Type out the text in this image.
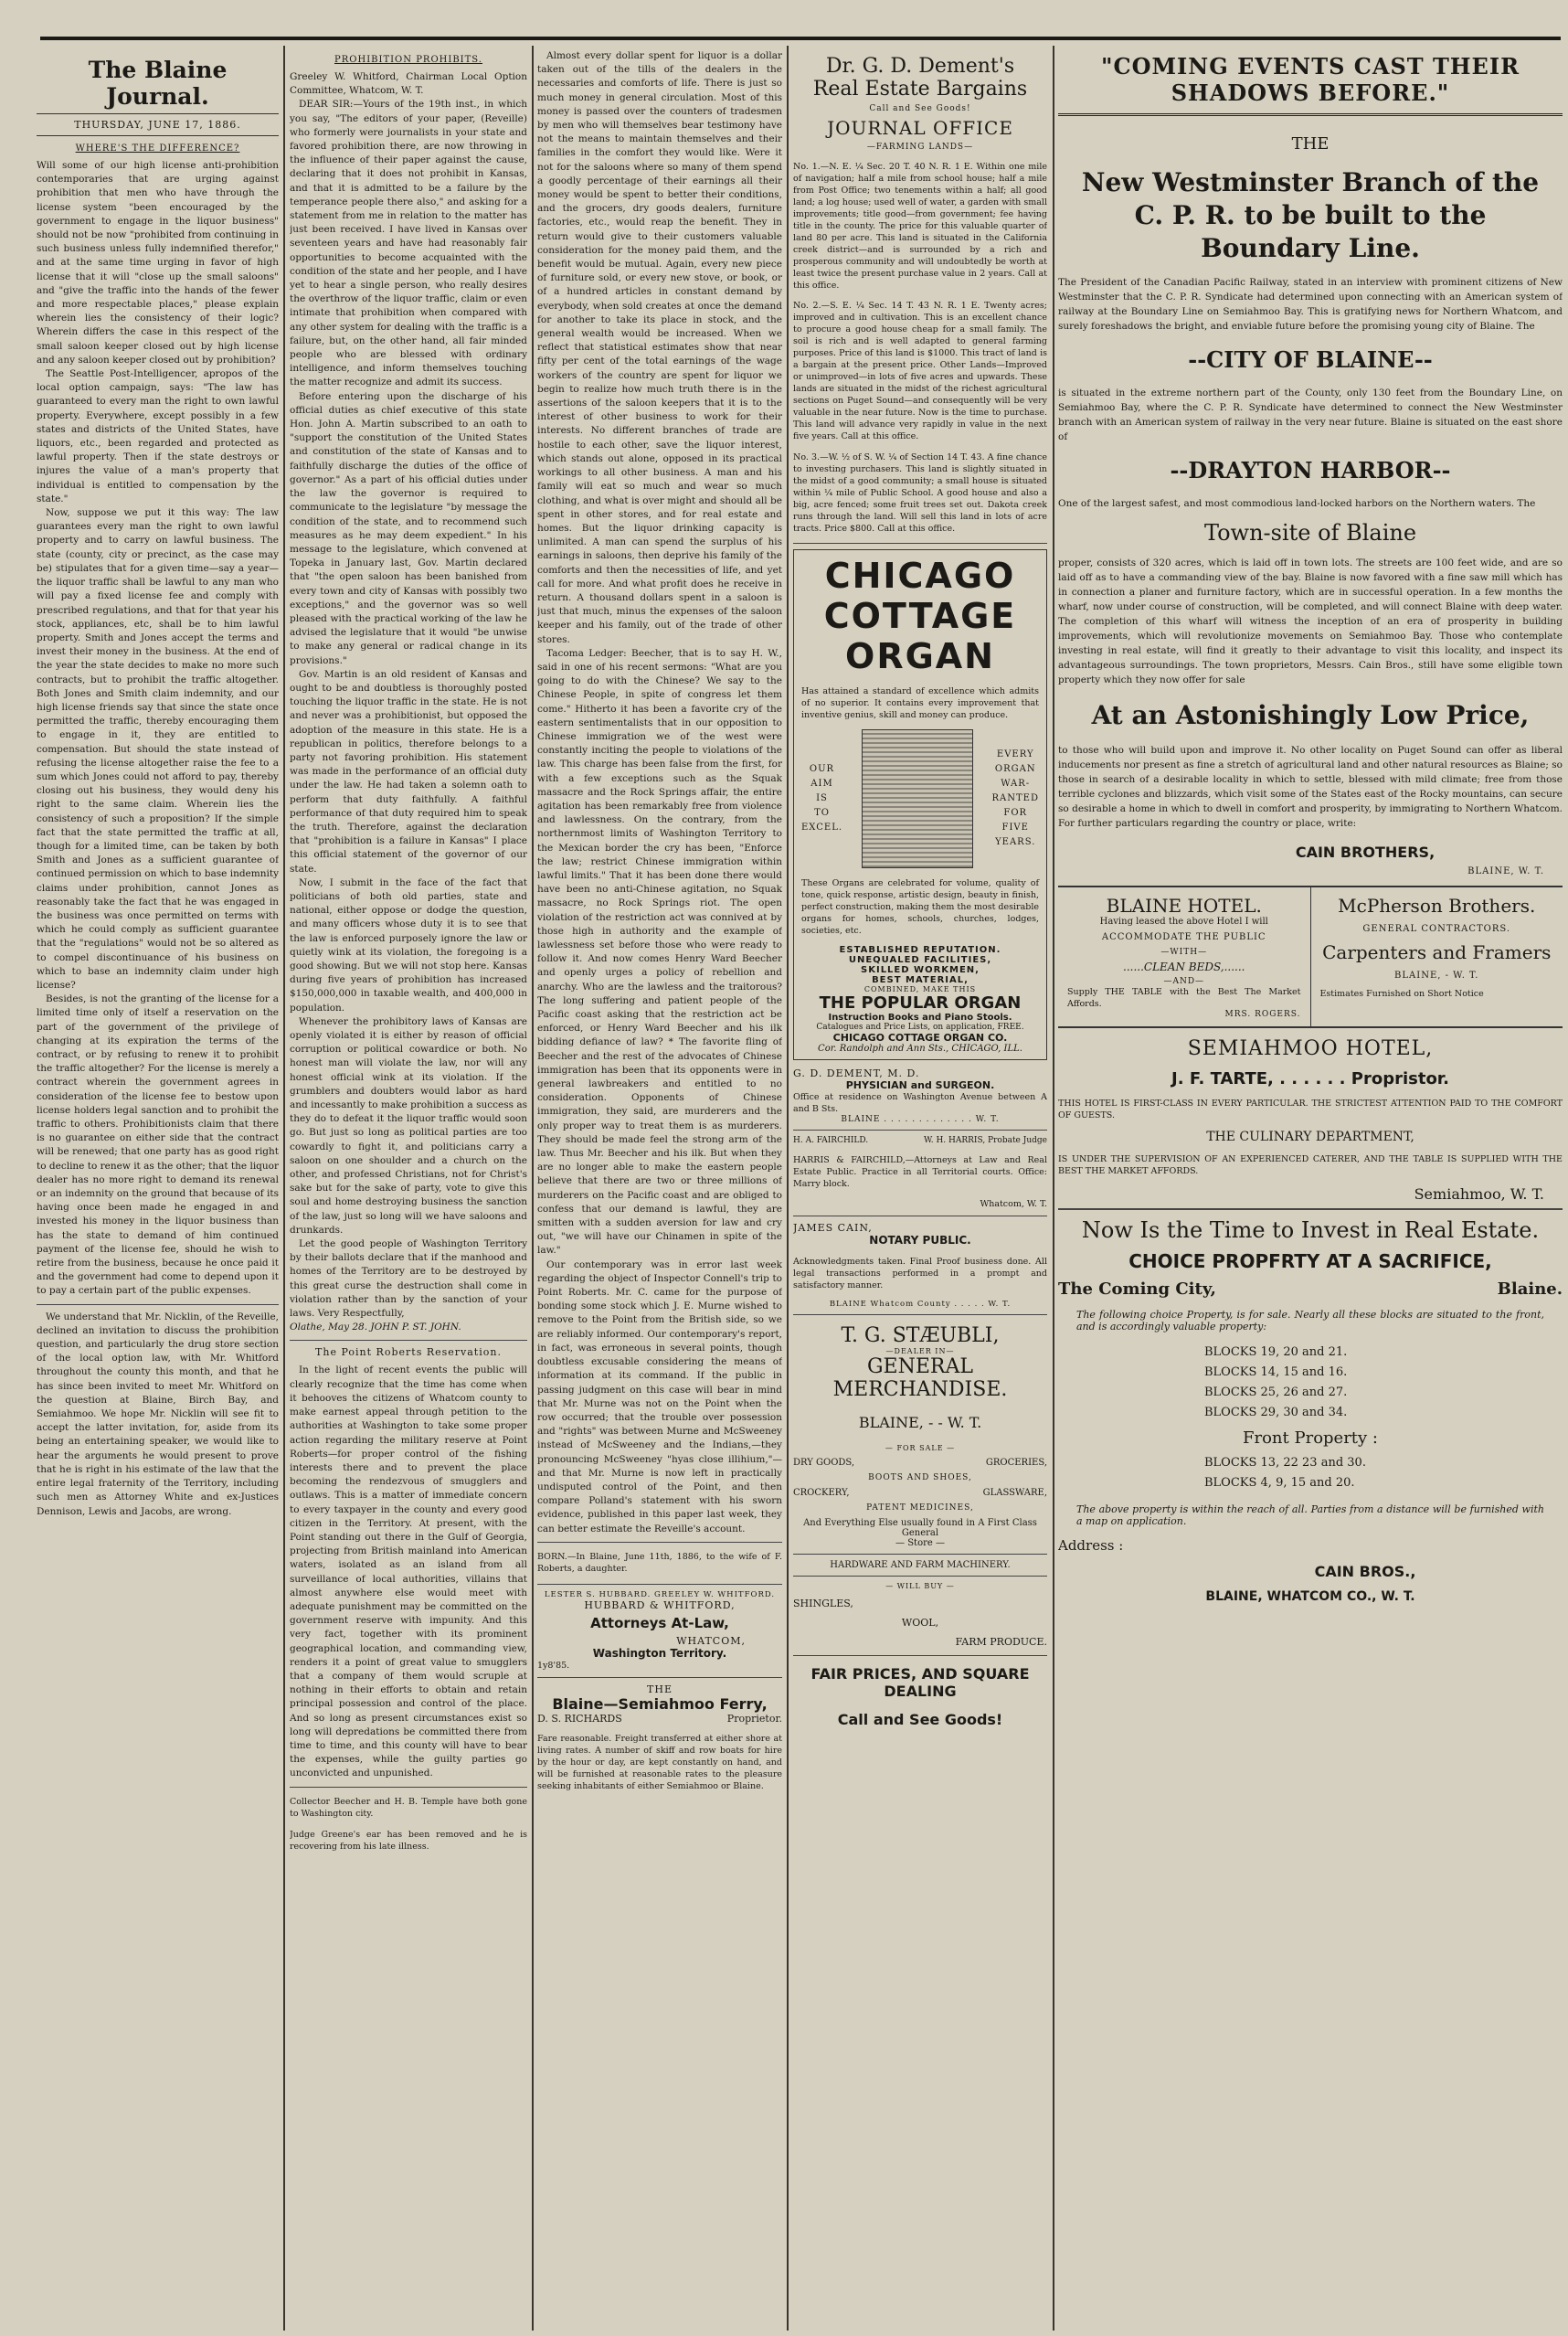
The Blaine Journal.
THURSDAY, JUNE 17, 1886.
WHERE'S THE DIFFERENCE?

Will some of our high license anti-prohibition contemporaries that are urging against prohibition that men who have through the license system "been encouraged by the government to engage in the liquor business" should not be now "prohibited from continuing in such business unless fully indemnified therefor," and at the same time urging in favor of high license that it will "close up the small saloons" and "give the traffic into the hands of the fewer and more respectable places," please explain wherein lies the consistency of their logic? Wherein differs the case in this respect of the small saloon keeper closed out by high license and any saloon keeper closed out by prohibition?

The Seattle Post-Intelligencer, apropos of the local option campaign, says: "The law has guaranteed to every man the right to own lawful property. Everywhere, except possibly in a few states and districts of the United States, have liquors, etc., been regarded and protected as lawful property. Then if the state destroys or injures the value of a man's property that individual is entitled to compensation by the state."

Now, suppose we put it this way: The law guarantees every man the right to own lawful property and to carry on lawful business. The state (county, city or precinct, as the case may be) stipulates that for a given time—say a year—the liquor traffic shall be lawful to any man who will pay a fixed license fee and comply with prescribed regulations, and that for that year his stock, appliances, etc, shall be to him lawful property. Smith and Jones accept the terms and invest their money in the business. At the end of the year the state decides to make no more such contracts, but to prohibit the traffic altogether. Both Jones and Smith claim indemnity, and our high license friends say that since the state once permitted the traffic, thereby encouraging them to engage in it, they are entitled to compensation. But should the state instead of refusing the license altogether raise the fee to a sum which Jones could not afford to pay, thereby closing out his business, they would deny his right to the same claim. Wherein lies the consistency of such a proposition? If the simple fact that the state permitted the traffic at all, though for a limited time, can be taken by both Smith and Jones as a sufficient guarantee of continued permission on which to base indemnity claims under prohibition, cannot Jones as reasonably take the fact that he was engaged in the business was once permitted on terms with which he could comply as sufficient guarantee that the "regulations" would not be so altered as to compel discontinuance of his business on which to base an indemnity claim under high license?

Besides, is not the granting of the license for a limited time only of itself a reservation on the part of the government of the privilege of changing at its expiration the terms of the contract, or by refusing to renew it to prohibit the traffic altogether? For the license is merely a contract wherein the government agrees in consideration of the license fee to bestow upon license holders legal sanction and to prohibit the traffic to others. Prohibitionists claim that there is no guarantee on either side that the contract will be renewed; that one party has as good right to decline to renew it as the other; that the liquor dealer has no more right to demand its renewal or an indemnity on the ground that because of its having once been made he engaged in and invested his money in the liquor business than has the state to demand of him continued payment of the license fee, should he wish to retire from the business, because he once paid it and the government had come to depend upon it to pay a certain part of the public expenses.

We understand that Mr. Nicklin, of the Reveille, declined an invitation to discuss the prohibition question, and particularly the drug store section of the local option law, with Mr. Whitford throughout the county this month, and that he has since been invited to meet Mr. Whitford on the question at Blaine, Birch Bay, and Semiahmoo. We hope Mr. Nicklin will see fit to accept the latter invitation, for, aside from its being an entertaining speaker, we would like to hear the arguments he would present to prove that he is right in his estimate of the law that the entire legal fraternity of the Territory, including such men as Attorney White and ex-Justices Dennison, Lewis and Jacobs, are wrong.

PROHIBITION PROHIBITS.

Greeley W. Whitford, Chairman Local Option Committee, Whatcom, W. T.

DEAR SIR:—Yours of the 19th inst., in which you say, "The editors of your paper, (Reveille) who formerly were journalists in your state and favored prohibition there, are now throwing in the influence of their paper against the cause, declaring that it does not prohibit in Kansas, and that it is admitted to be a failure by the temperance people there also," and asking for a statement from me in relation to the matter has just been received. I have lived in Kansas over seventeen years and have had reasonably fair opportunities to become acquainted with the condition of the state and her people, and I have yet to hear a single person, who really desires the overthrow of the liquor traffic, claim or even intimate that prohibition when compared with any other system for dealing with the traffic is a failure, but, on the other hand, all fair minded people who are blessed with ordinary intelligence, and inform themselves touching the matter recognize and admit its success.

Before entering upon the discharge of his official duties as chief executive of this state Hon. John A. Martin subscribed to an oath to "support the constitution of the United States and constitution of the state of Kansas and to faithfully discharge the duties of the office of governor." As a part of his official duties under the law the governor is required to communicate to the legislature "by message the condition of the state, and to recommend such measures as he may deem expedient." In his message to the legislature, which convened at Topeka in January last, Gov. Martin declared that "the open saloon has been banished from every town and city of Kansas with possibly two exceptions," and the governor was so well pleased with the practical working of the law he advised the legislature that it would "be unwise to make any general or radical change in its provisions."

Gov. Martin is an old resident of Kansas and ought to be and doubtless is thoroughly posted touching the liquor traffic in the state. He is not and never was a prohibitionist, but opposed the adoption of the measure in this state. He is a republican in politics, therefore belongs to a party not favoring prohibition. His statement was made in the performance of an official duty under the law. He had taken a solemn oath to perform that duty faithfully. A faithful performance of that duty required him to speak the truth. Therefore, against the declaration that "prohibition is a failure in Kansas" I place this official statement of the governor of our state.

Now, I submit in the face of the fact that politicians of both old parties, state and national, either oppose or dodge the question, and many officers whose duty it is to see that the law is enforced purposely ignore the law or quietly wink at its violation, the foregoing is a good showing. But we will not stop here. Kansas during five years of prohibition has increased $150,000,000 in taxable wealth, and 400,000 in population.

Whenever the prohibitory laws of Kansas are openly violated it is either by reason of official corruption or political cowardice or both. No honest man will violate the law, nor will any honest official wink at its violation. If the grumblers and doubters would labor as hard and incessantly to make prohibition a success as they do to defeat it the liquor traffic would soon go. But just so long as political parties are too cowardly to fight it, and politicians carry a saloon on one shoulder and a church on the other, and professed Christians, not for Christ's sake but for the sake of party, vote to give this soul and home destroying business the sanction of the law, just so long will we have saloons and drunkards.

Let the good people of Washington Territory by their ballots declare that if the manhood and homes of the Territory are to be destroyed by this great curse the destruction shall come in violation rather than by the sanction of your laws. Very Respectfully,

Olathe, May 28. JOHN P. ST. JOHN.

The Point Roberts Reservation.

In the light of recent events the public will clearly recognize that the time has come when it behooves the citizens of Whatcom county to make earnest appeal through petition to the authorities at Washington to take some proper action regarding the military reserve at Point Roberts—for proper control of the fishing interests there and to prevent the place becoming the rendezvous of smugglers and outlaws. This is a matter of immediate concern to every taxpayer in the county and every good citizen in the Territory. At present, with the Point standing out there in the Gulf of Georgia, projecting from British mainland into American waters, isolated as an island from all surveillance of local authorities, villains that almost anywhere else would meet with adequate punishment may be committed on the government reserve with impunity. And this very fact, together with its prominent geographical location, and commanding view, renders it a point of great value to smugglers that a company of them would scruple at nothing in their efforts to obtain and retain principal possession and control of the place. And so long as present circumstances exist so long will depredations be committed there from time to time, and this county will have to bear the expenses, while the guilty parties go unconvicted and unpunished.

Collector Beecher and H. B. Temple have both gone to Washington city.

Judge Greene's ear has been removed and he is recovering from his late illness.

Almost every dollar spent for liquor is a dollar taken out of the tills of the dealers in the necessaries and comforts of life. There is just so much money in general circulation. Most of this money is passed over the counters of tradesmen by men who will themselves bear testimony have not the means to maintain themselves and their families in the comfort they would like. Were it not for the saloons where so many of them spend a goodly percentage of their earnings all their money would be spent to better their conditions, and the grocers, dry goods dealers, furniture factories, etc., would reap the benefit. They in return would give to their customers valuable consideration for the money paid them, and the benefit would be mutual. Again, every new piece of furniture sold, or every new stove, or book, or of a hundred articles in constant demand by everybody, when sold creates at once the demand for another to take its place in stock, and the general wealth would be increased. When we reflect that statistical estimates show that near fifty per cent of the total earnings of the wage workers of the country are spent for liquor we begin to realize how much truth there is in the assertions of the saloon keepers that it is to the interest of other business to work for their interests. No different branches of trade are hostile to each other, save the liquor interest, which stands out alone, opposed in its practical workings to all other business. A man and his family will eat so much and wear so much clothing, and what is over might and should all be spent in other stores, and for real estate and homes. But the liquor drinking capacity is unlimited. A man can spend the surplus of his earnings in saloons, then deprive his family of the comforts and then the necessities of life, and yet call for more. And what profit does he receive in return. A thousand dollars spent in a saloon is just that much, minus the expenses of the saloon keeper and his family, out of the trade of other stores.

Tacoma Ledger: Beecher, that is to say H. W., said in one of his recent sermons: "What are you going to do with the Chinese? We say to the Chinese People, in spite of congress let them come." Hitherto it has been a favorite cry of the eastern sentimentalists that in our opposition to Chinese immigration we of the west were constantly inciting the people to violations of the law. This charge has been false from the first, for with a few exceptions such as the Squak massacre and the Rock Springs affair, the entire agitation has been remarkably free from violence and lawlessness. On the contrary, from the northernmost limits of Washington Territory to the Mexican border the cry has been, "Enforce the law; restrict Chinese immigration within lawful limits." That it has been done there would have been no anti-Chinese agitation, no Squak massacre, no Rock Springs riot. The open violation of the restriction act was connived at by those high in authority and the example of lawlessness set before those who were ready to follow it. And now comes Henry Ward Beecher and openly urges a policy of rebellion and anarchy. Who are the lawless and the traitorous? The long suffering and patient people of the Pacific coast asking that the restriction act be enforced, or Henry Ward Beecher and his ilk bidding defiance of law? * The favorite fling of Beecher and the rest of the advocates of Chinese immigration has been that its opponents were in general lawbreakers and entitled to no consideration. Opponents of Chinese immigration, they said, are murderers and the only proper way to treat them is as murderers. They should be made feel the strong arm of the law. Thus Mr. Beecher and his ilk. But when they are no longer able to make the eastern people believe that there are two or three millions of murderers on the Pacific coast and are obliged to confess that our demand is lawful, they are smitten with a sudden aversion for law and cry out, "we will have our Chinamen in spite of the law."

Our contemporary was in error last week regarding the object of Inspector Connell's trip to Point Roberts. Mr. C. came for the purpose of bonding some stock which J. E. Murne wished to remove to the Point from the British side, so we are reliably informed. Our contemporary's report, in fact, was erroneous in several points, though doubtless excusable considering the means of information at its command. If the public in passing judgment on this case will bear in mind that Mr. Murne was not on the Point when the row occurred; that the trouble over possession and "rights" was between Murne and McSweeney instead of McSweeney and the Indians,—they pronouncing McSweeney "hyas close illihium,"—and that Mr. Murne is now left in practically undisputed control of the Point, and then compare Polland's statement with his sworn evidence, published in this paper last week, they can better estimate the Reveille's account.

BORN.—In Blaine, June 11th, 1886, to the wife of F. Roberts, a daughter.

LESTER S. HUBBARD. GREELEY W. WHITFORD.
HUBBARD & WHITFORD,
Attorneys At-Law,
WHATCOM,
Washington Territory.
1y8'85.
THE
Blaine—Semiahmoo Ferry,
D. S. RICHARDS	Proprietor.

Fare reasonable. Freight transferred at either shore at living rates. A number of skiff and row boats for hire by the hour or day, are kept constantly on hand, and will be furnished at reasonable rates to the pleasure seeking inhabitants of either Semiahmoo or Blaine.

Dr. G. D. Dement's
Real Estate Bargains
Call and See Goods!
JOURNAL OFFICE
—FARMING LANDS—

No. 1.—N. E. ¼ Sec. 20 T. 40 N. R. 1 E. Within one mile of navigation; half a mile from school house; half a mile from Post Office; two tenements within a half; all good land; a log house; used well of water, a garden with small improvements; title good—from government; fee having title in the county. The price for this valuable quarter of land 80 per acre. This land is situated in the California creek district—and is surrounded by a rich and prosperous community and will undoubtedly be worth at least twice the present purchase value in 2 years. Call at this office.

No. 2.—S. E. ¼ Sec. 14 T. 43 N. R. 1 E. Twenty acres; improved and in cultivation. This is an excellent chance to procure a good house cheap for a small family. The soil is rich and is well adapted to general farming purposes. Price of this land is $1000. This tract of land is a bargain at the present price. Other Lands—Improved or unimproved—in lots of five acres and upwards. These lands are situated in the midst of the richest agricultural sections on Puget Sound—and consequently will be very valuable in the near future. Now is the time to purchase. This land will advance very rapidly in value in the next five years. Call at this office.

No. 3.—W. ½ of S. W. ¼ of Section 14 T. 43. A fine chance to investing purchasers. This land is slightly situated in the midst of a good community; a small house is situated within ¼ mile of Public School. A good house and also a big, acre fenced; some fruit trees set out. Dakota creek runs through the land. Will sell this land in lots of acre tracts. Price $800. Call at this office.

CHICAGO
COTTAGE
ORGAN

Has attained a standard of excellence which admits of no superior. It contains every improvement that inventive genius, skill and money can produce.

OUR
AIM
IS
TO
EXCEL.
EVERY
ORGAN
WAR-
RANTED
FOR
FIVE
YEARS.

These Organs are celebrated for volume, quality of tone, quick response, artistic design, beauty in finish, perfect construction, making them the most desirable organs for homes, schools, churches, lodges, societies, etc.

ESTABLISHED REPUTATION.
UNEQUALED FACILITIES,
SKILLED WORKMEN,
BEST MATERIAL,
COMBINED, MAKE THIS
THE POPULAR ORGAN
Instruction Books and Piano Stools.
Catalogues and Price Lists, on application, FREE.
CHICAGO COTTAGE ORGAN CO.
Cor. Randolph and Ann Sts., CHICAGO, ILL.
G. D. DEMENT, M. D.
PHYSICIAN and SURGEON.
Office at residence on Washington Avenue between A and B Sts.
BLAINE . . . . . . . . . . . . . W. T.
H. A. FAIRCHILD.	W. H. HARRIS, Probate Judge

HARRIS & FAIRCHILD,—Attorneys at Law and Real Estate Public. Practice in all Territorial courts. Office: Marry block.

Whatcom, W. T.
JAMES CAIN,
NOTARY PUBLIC.

Acknowledgments taken. Final Proof business done. All legal transactions performed in a prompt and satisfactory manner.

BLAINE Whatcom County . . . . . W. T.
T. G. STÆUBLI,
—DEALER IN—
GENERAL
MERCHANDISE.
BLAINE, - - W. T.
— FOR SALE —
DRY GOODS,	GROCERIES,
BOOTS AND SHOES,
CROCKERY,	GLASSWARE,
PATENT MEDICINES,
And Everything Else usually found in A First Class General
— Store —
HARDWARE AND FARM MACHINERY.
— WILL BUY —
SHINGLES,
WOOL,
FARM PRODUCE.
FAIR PRICES, AND SQUARE
DEALING
Call and See Goods!
"COMING EVENTS CAST THEIR SHADOWS BEFORE."
THE
New Westminster Branch of the C. P. R. to be built to the Boundary Line.

The President of the Canadian Pacific Railway, stated in an interview with prominent citizens of New Westminster that the C. P. R. Syndicate had determined upon connecting with an American system of railway at the Boundary Line on Semiahmoo Bay. This is gratifying news for Northern Whatcom, and surely foreshadows the bright, and enviable future before the promising young city of Blaine. The

--CITY OF BLAINE--

is situated in the extreme northern part of the County, only 130 feet from the Boundary Line, on Semiahmoo Bay, where the C. P. R. Syndicate have determined to connect the New Westminster branch with an American system of railway in the very near future. Blaine is situated on the east shore of

--DRAYTON HARBOR--

One of the largest safest, and most commodious land-locked harbors on the Northern waters. The

Town-site of Blaine

proper, consists of 320 acres, which is laid off in town lots. The streets are 100 feet wide, and are so laid off as to have a commanding view of the bay. Blaine is now favored with a fine saw mill which has in connection a planer and furniture factory, which are in successful operation. In a few months the wharf, now under course of construction, will be completed, and will connect Blaine with deep water. The completion of this wharf will witness the inception of an era of prosperity in building improvements, which will revolutionize movements on Semiahmoo Bay. Those who contemplate investing in real estate, will find it greatly to their advantage to visit this locality, and inspect its advantageous surroundings. The town proprietors, Messrs. Cain Bros., still have some eligible town property which they now offer for sale

At an Astonishingly Low Price,

to those who will build upon and improve it. No other locality on Puget Sound can offer as liberal inducements nor present as fine a stretch of agricultural land and other natural resources as Blaine; so those in search of a desirable locality in which to settle, blessed with mild climate; free from those terrible cyclones and blizzards, which visit some of the States east of the Rocky mountains, can secure so desirable a home in which to dwell in comfort and prosperity, by immigrating to Northern Whatcom. For further particulars regarding the country or place, write:

CAIN BROTHERS,
BLAINE, W. T.
BLAINE HOTEL.
Having leased the above Hotel I will
ACCOMMODATE THE PUBLIC
—WITH—
......CLEAN BEDS,......
—AND—
Supply THE TABLE with the Best The Market Affords.
MRS. ROGERS.
McPherson Brothers.
GENERAL CONTRACTORS.
Carpenters and Framers
BLAINE, - W. T.
Estimates Furnished on Short Notice
SEMIAHMOO HOTEL,
J. F. TARTE, . . . . . . Propristor.

THIS HOTEL IS FIRST-CLASS IN EVERY PARTICULAR. THE STRICTEST ATTENTION PAID TO THE COMFORT OF GUESTS.

THE CULINARY DEPARTMENT,

IS UNDER THE SUPERVISION OF AN EXPERIENCED CATERER, AND THE TABLE IS SUPPLIED WITH THE BEST THE MARKET AFFORDS.

Semiahmoo, W. T.
Now Is the Time to Invest in Real Estate.
CHOICE PROPFRTY AT A SACRIFICE,
The Coming City,	Blaine.

The following choice Property, is for sale. Nearly all these blocks are situated to the front, and is accordingly valuable property:

BLOCKS 19, 20 and 21.
BLOCKS 14, 15 and 16.
BLOCKS 25, 26 and 27.
BLOCKS 29, 30 and 34.
Front Property :
BLOCKS 13, 22 23 and 30.
BLOCKS 4, 9, 15 and 20.

The above property is within the reach of all. Parties from a distance will be furnished with a map on application.

Address :
CAIN BROS.,
BLAINE, WHATCOM CO., W. T.
